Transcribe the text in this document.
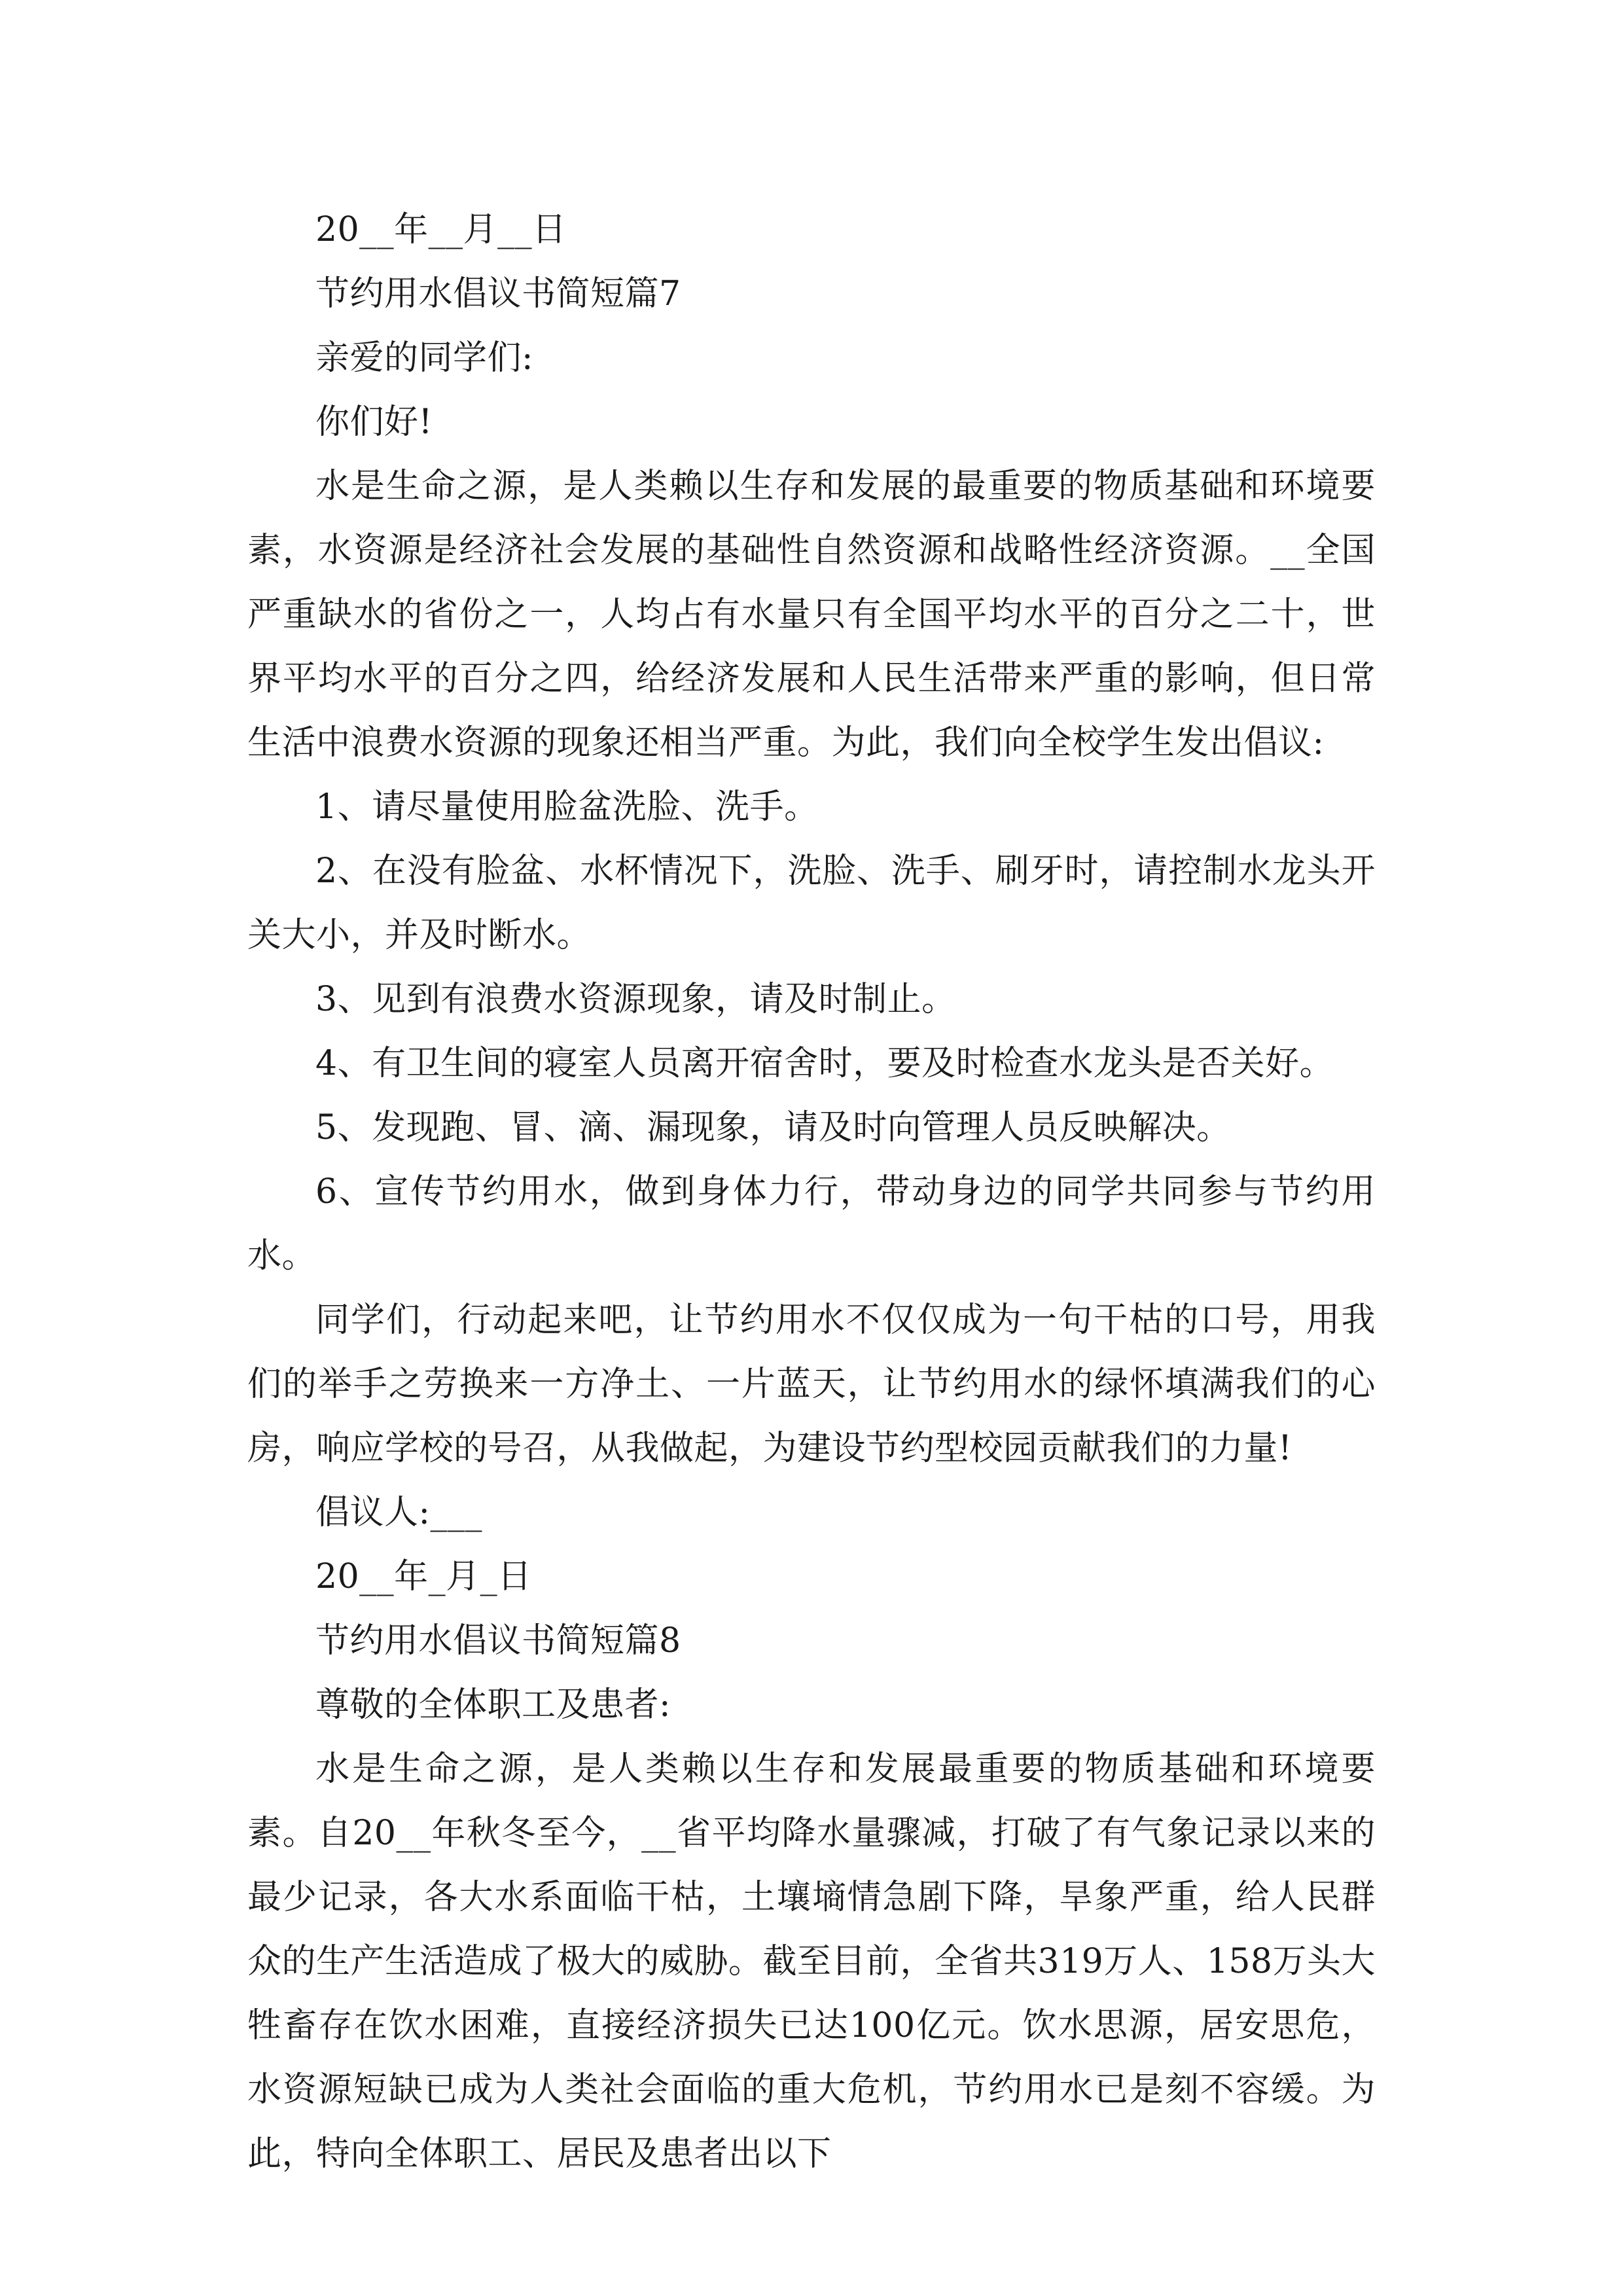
20__年__月__日

节约用水倡议书简短篇7

亲爱的同学们:

你们好!

水是生命之源，是人类赖以生存和发展的最重要的物质基础和环境要素，水资源是经济社会发展的基础性自然资源和战略性经济资源。__全国严重缺水的省份之一，人均占有水量只有全国平均水平的百分之二十，世界平均水平的百分之四，给经济发展和人民生活带来严重的影响，但日常生活中浪费水资源的现象还相当严重。为此，我们向全校学生发出倡议:

1、请尽量使用脸盆洗脸、洗手。

2、在没有脸盆、水杯情况下，洗脸、洗手、刷牙时，请控制水龙头开关大小，并及时断水。

3、见到有浪费水资源现象，请及时制止。

4、有卫生间的寝室人员离开宿舍时，要及时检查水龙头是否关好。

5、发现跑、冒、滴、漏现象，请及时向管理人员反映解决。

6、宣传节约用水，做到身体力行，带动身边的同学共同参与节约用水。

同学们，行动起来吧，让节约用水不仅仅成为一句干枯的口号，用我们的举手之劳换来一方净土、一片蓝天，让节约用水的绿怀填满我们的心房，响应学校的号召，从我做起，为建设节约型校园贡献我们的力量!

倡议人:___

20__年_月_日

节约用水倡议书简短篇8

尊敬的全体职工及患者:

水是生命之源，是人类赖以生存和发展最重要的物质基础和环境要素。自20__年秋冬至今，__省平均降水量骤减，打破了有气象记录以来的最少记录，各大水系面临干枯，土壤墒情急剧下降，旱象严重，给人民群众的生产生活造成了极大的威胁。截至目前，全省共319万人、158万头大牲畜存在饮水困难，直接经济损失已达100亿元。饮水思源，居安思危，水资源短缺已成为人类社会面临的重大危机，节约用水已是刻不容缓。为此，特向全体职工、居民及患者出以下
